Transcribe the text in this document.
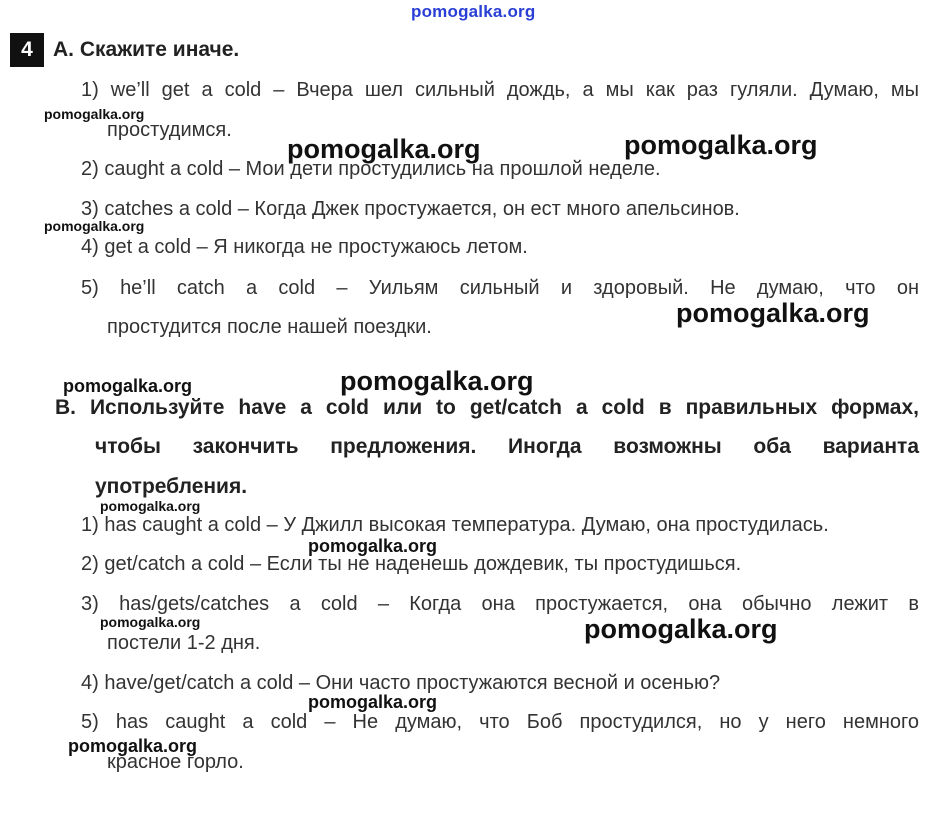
pomogalka.org
4 A. Скажите иначе.
1) we’ll get a cold – Вчера шел сильный дождь, а мы как раз гуляли. Думаю, мы
простудимся.
2) caught a cold – Мои дети простудились на прошлой неделе.
3) catches a cold – Когда Джек простужается, он ест много апельсинов.
4) get a cold – Я никогда не простужаюсь летом.
5) he’ll catch a cold – Уильям сильный и здоровый. Не думаю, что он
простудится после нашей поездки.
B. Используйте have a cold или to get/catch a cold в правильных формах,
чтобы закончить предложения. Иногда возможны оба варианта
употребления.
1) has caught a cold – У Джилл высокая температура. Думаю, она простудилась.
2) get/catch a cold – Если ты не наденешь дождевик, ты простудишься.
3) has/gets/catches a cold – Когда она простужается, она обычно лежит в
постели 1-2 дня.
4) have/get/catch a cold – Они часто простужаются весной и осенью?
5) has caught a cold – Не думаю, что Боб простудился, но у него немного
красное горло.
pomogalka.org
pomogalka.org	pomogalka.org
pomogalka.org
pomogalka.org
pomogalka.org	pomogalka.org
pomogalka.org
pomogalka.org
pomogalka.org	pomogalka.org
pomogalka.org
pomogalka.org
